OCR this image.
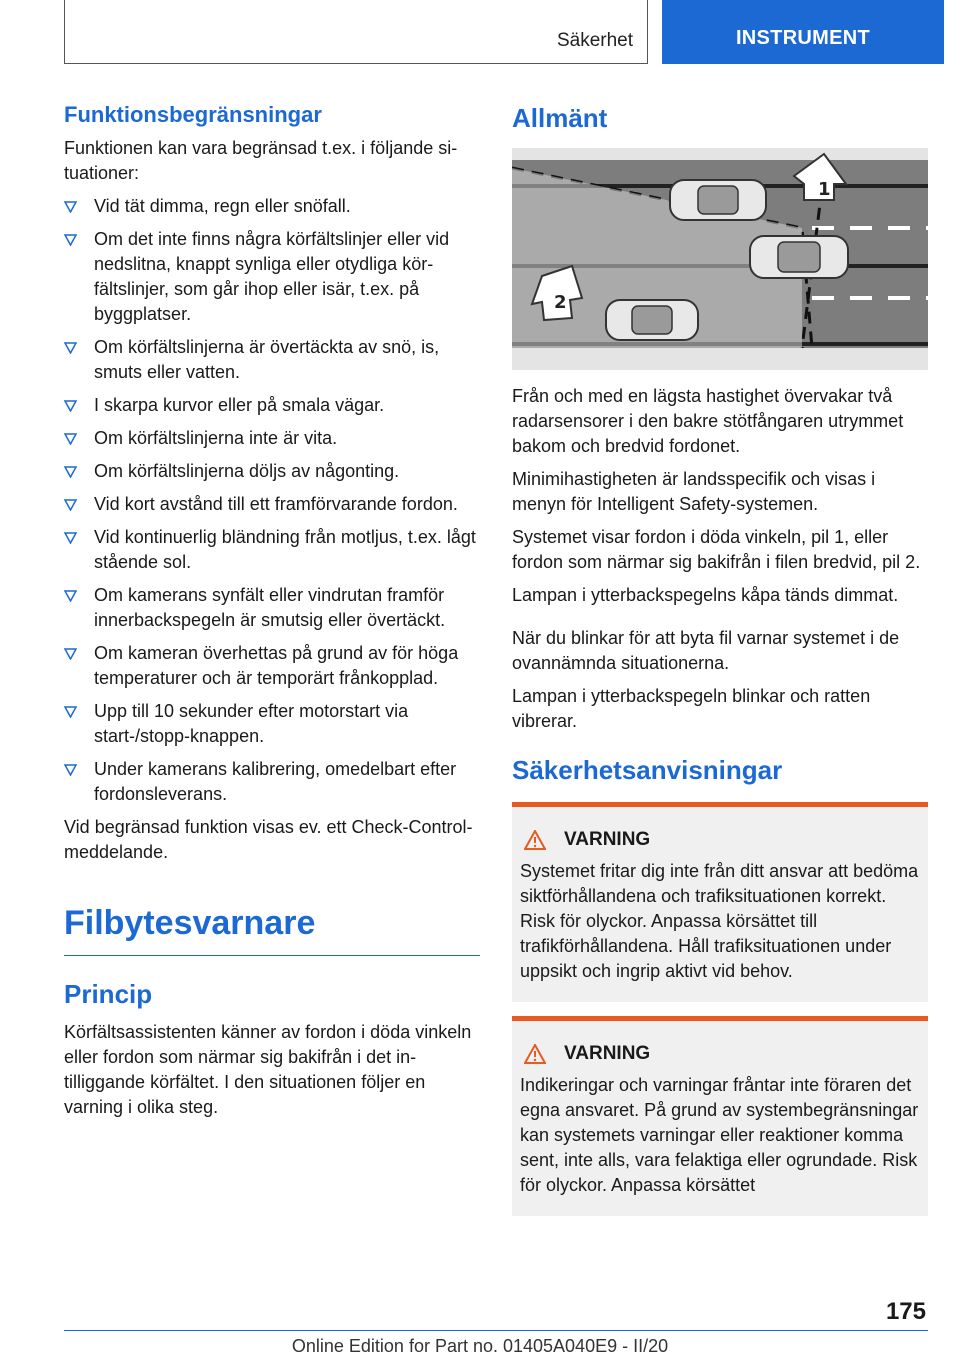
Säkerhet	INSTRUMENT
Funktionsbegränsningar

Funktionen kan vara begränsad t.ex. i följande situationer:

Vid tät dimma, regn eller snöfall.
Om det inte finns några körfältslinjer eller vid nedslitna, knappt synliga eller otydliga körfältslinjer, som går ihop eller isär, t.ex. på byggplatser.
Om körfältslinjerna är övertäckta av snö, is, smuts eller vatten.
I skarpa kurvor eller på smala vägar.
Om körfältslinjerna inte är vita.
Om körfältslinjerna döljs av någonting.
Vid kort avstånd till ett framförvarande fordon.
Vid kontinuerlig bländning från motljus, t.ex. lågt stående sol.
Om kamerans synfält eller vindrutan framför innerbackspegeln är smutsig eller övertäckt.
Om kameran överhettas på grund av för höga temperaturer och är temporärt frånkopplad.
Upp till 10 sekunder efter motorstart via start-/stopp-knappen.
Under kamerans kalibrering, omedelbart efter fordonsleverans.

Vid begränsad funktion visas ev. ett Check-Control-meddelande.

Filbytesvarnare
Princip

Körfältsassistenten känner av fordon i döda vinkeln eller fordon som närmar sig bakifrån i det intilliggande körfältet. I den situationen följer en varning i olika steg.

Allmänt
1
2

Från och med en lägsta hastighet övervakar två radarsensorer i den bakre stötfångaren utrymmet bakom och bredvid fordonet.

Minimihastigheten är landsspecifik och visas i menyn för Intelligent Safety-systemen.

Systemet visar fordon i döda vinkeln, pil 1, eller fordon som närmar sig bakifrån i filen bredvid, pil 2.

Lampan i ytterbackspegelns kåpa tänds dimmat.

När du blinkar för att byta fil varnar systemet i de ovannämnda situationerna.

Lampan i ytterbackspegeln blinkar och ratten vibrerar.

Säkerhetsanvisningar
VARNING

Systemet fritar dig inte från ditt ansvar att bedöma siktförhållandena och trafiksituationen korrekt. Risk för olyckor. Anpassa körsättet till trafikförhållandena. Håll trafiksituationen under uppsikt och ingrip aktivt vid behov.

VARNING

Indikeringar och varningar fråntar inte föraren det egna ansvaret. På grund av systembegränsningar kan systemets varningar eller reaktioner komma sent, inte alls, vara felaktiga eller ogrundade. Risk för olyckor. Anpassa körsättet

175
Online Edition for Part no. 01405A040E9 - II/20
